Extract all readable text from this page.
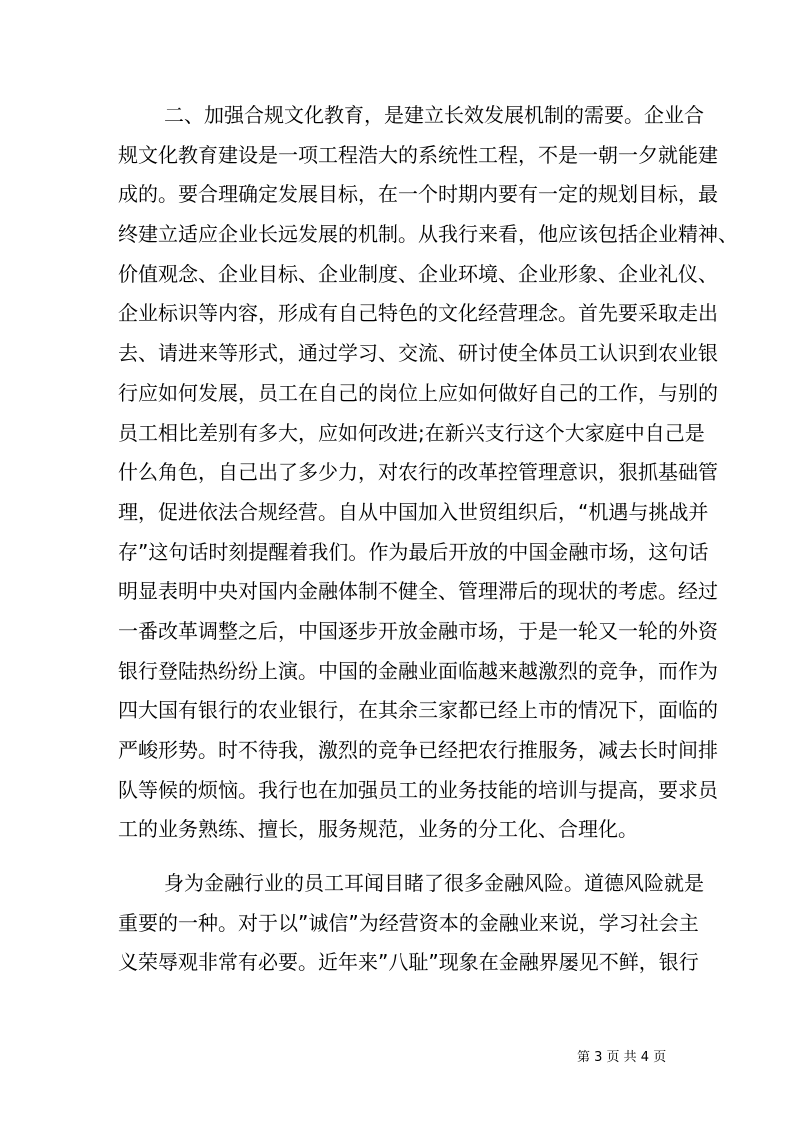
二、加强合规文化教育，是建立长效发展机制的需要。企业合
规文化教育建设是一项工程浩大的系统性工程，不是一朝一夕就能建
成的。要合理确定发展目标，在一个时期内要有一定的规划目标，最
终建立适应企业长远发展的机制。从我行来看，他应该包括企业精神、
价值观念、企业目标、企业制度、企业环境、企业形象、企业礼仪、
企业标识等内容，形成有自己特色的文化经营理念。首先要采取走出
去、请进来等形式，通过学习、交流、研讨使全体员工认识到农业银
行应如何发展，员工在自己的岗位上应如何做好自己的工作，与别的
员工相比差别有多大，应如何改进;在新兴支行这个大家庭中自己是
什么角色，自己出了多少力，对农行的改革控管理意识，狠抓基础管
理，促进依法合规经营。自从中国加入世贸组织后，“机遇与挑战并
存”这句话时刻提醒着我们。作为最后开放的中国金融市场，这句话
明显表明中央对国内金融体制不健全、管理滞后的现状的考虑。经过
一番改革调整之后，中国逐步开放金融市场，于是一轮又一轮的外资
银行登陆热纷纷上演。中国的金融业面临越来越激烈的竞争，而作为
四大国有银行的农业银行，在其余三家都已经上市的情况下，面临的
严峻形势。时不待我，激烈的竞争已经把农行推服务，减去长时间排
队等候的烦恼。我行也在加强员工的业务技能的培训与提高，要求员
工的业务熟练、擅长，服务规范，业务的分工化、合理化。
身为金融行业的员工耳闻目睹了很多金融风险。道德风险就是
重要的一种。对于以”诚信”为经营资本的金融业来说，学习社会主
义荣辱观非常有必要。近年来”八耻”现象在金融界屡见不鲜，银行
第 3 页 共 4 页
